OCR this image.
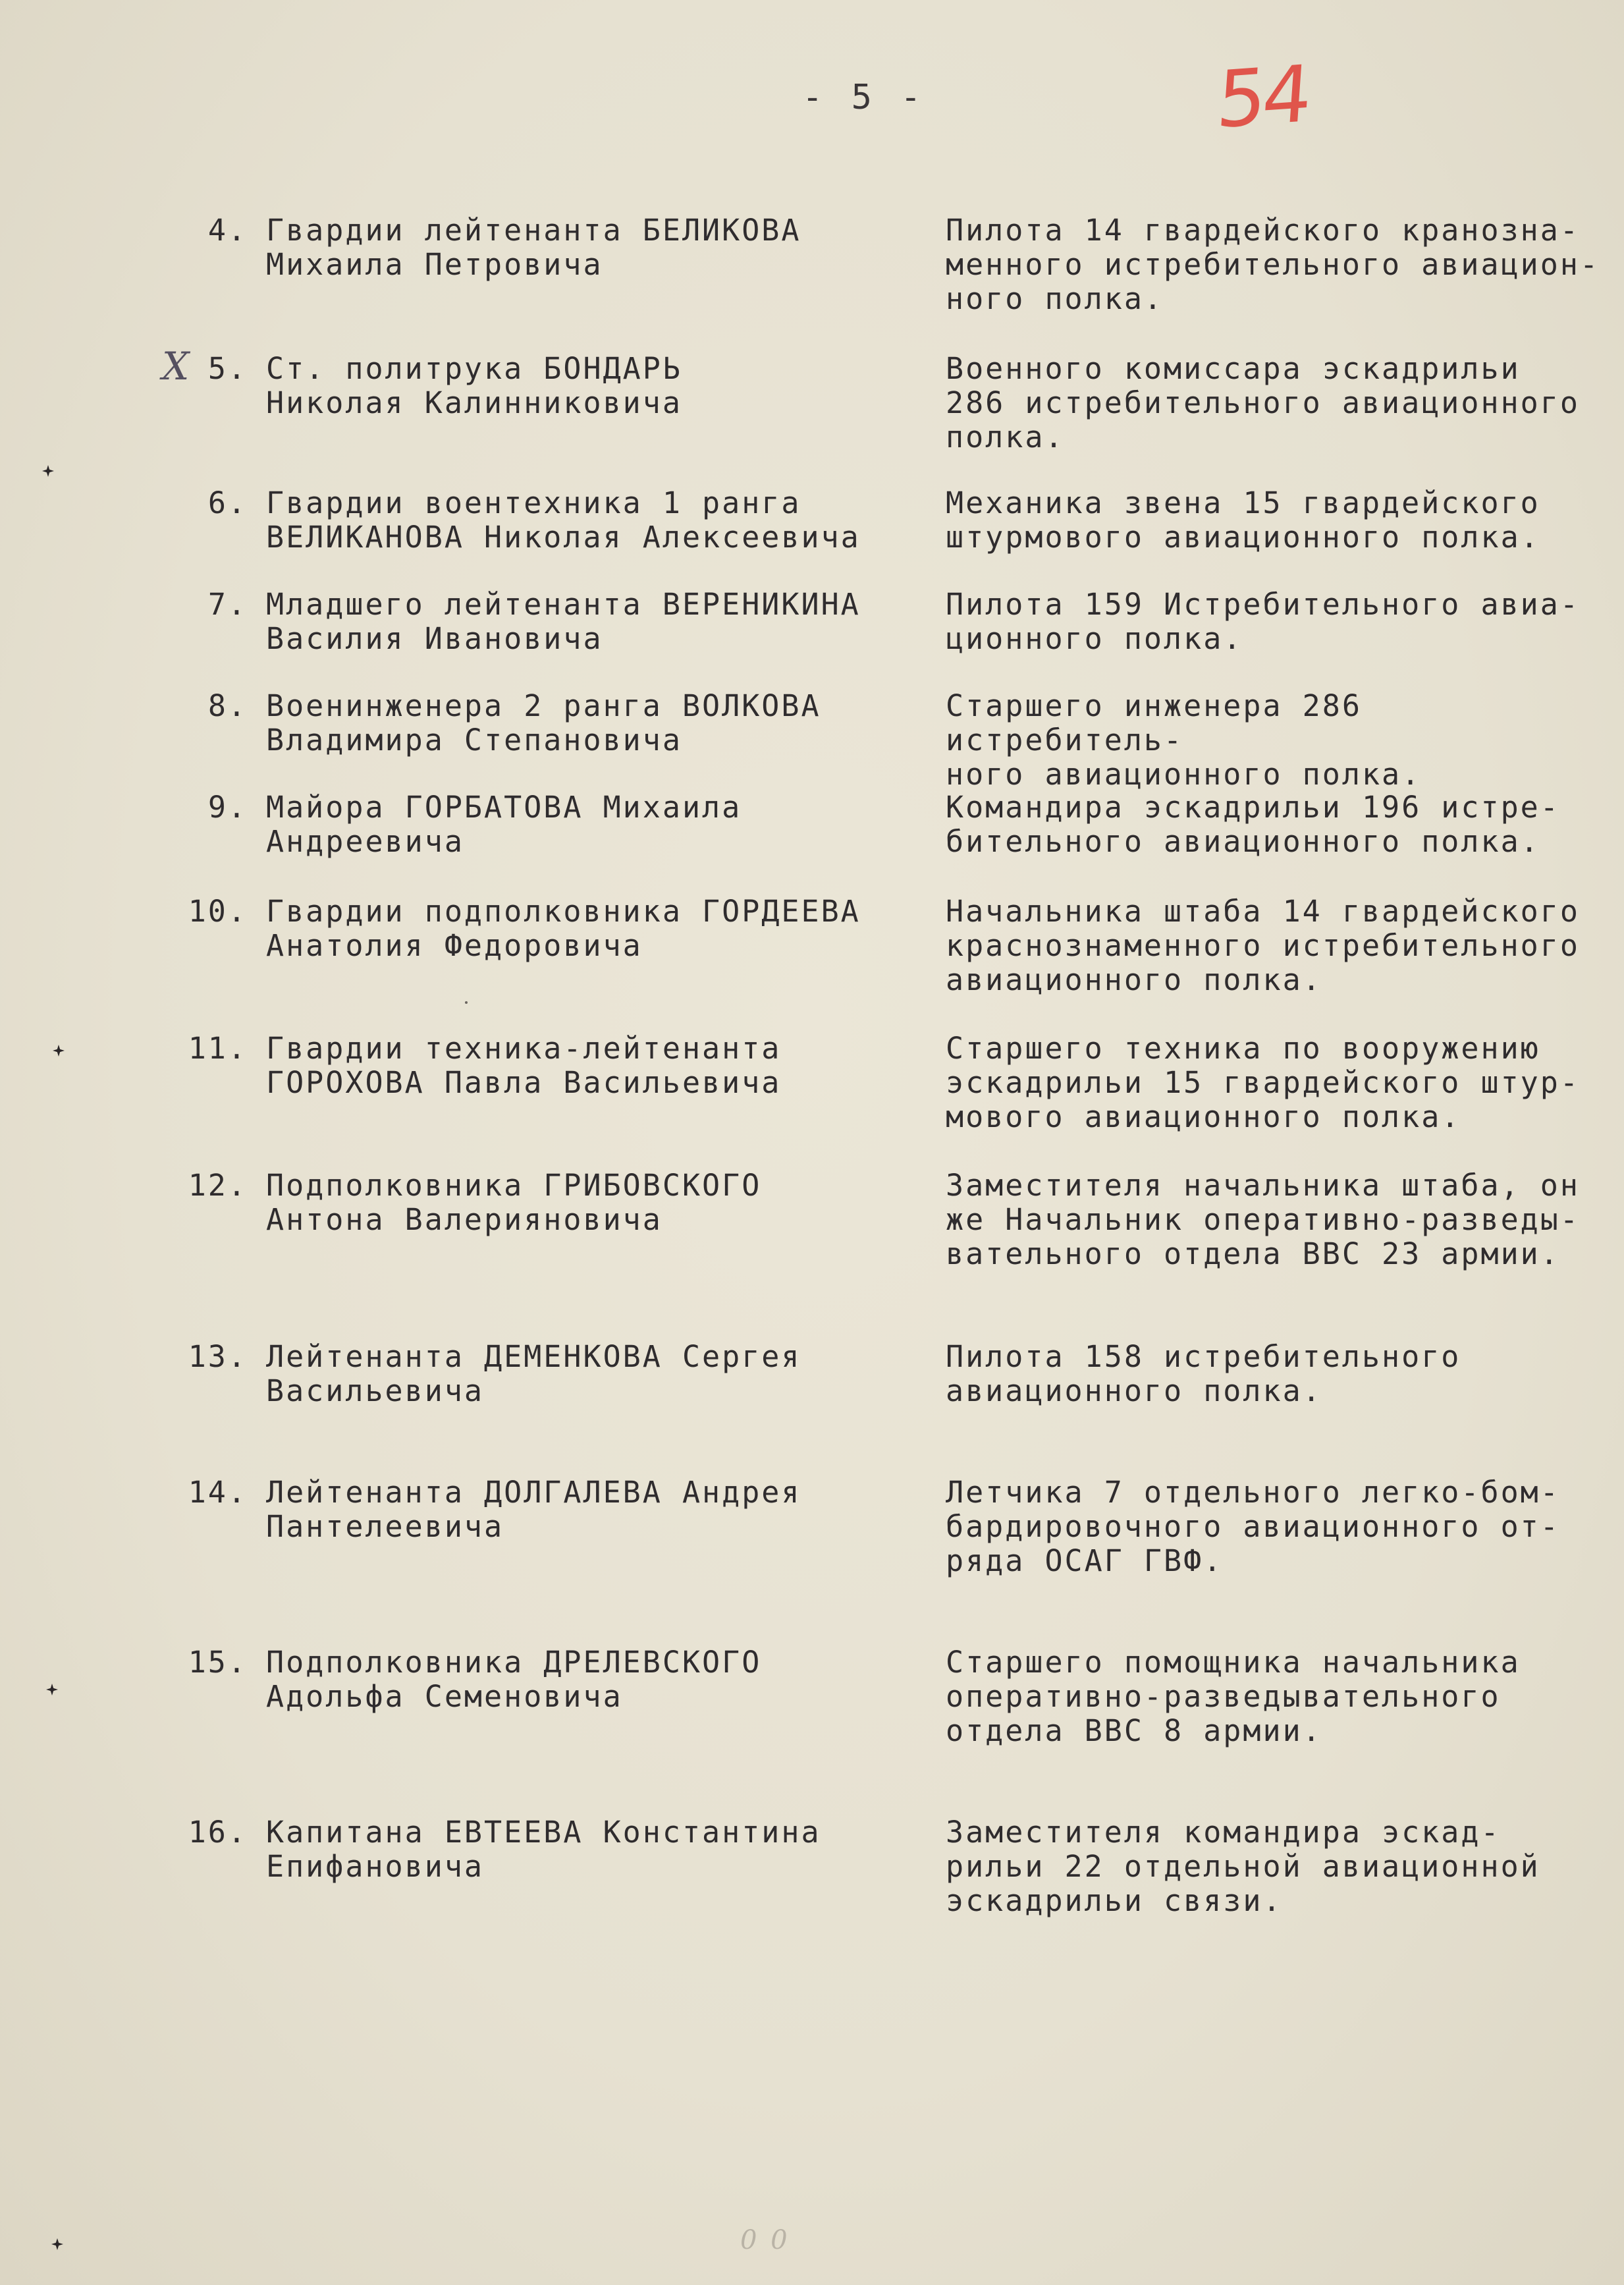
- 5 -	54
4. Гвардии лейтенанта БЕЛИКОВА
Михаила Петровича
Пилота 14 гвардейского кранозна-
менного истребительного авиацион-
ного полка.
Х 5. Ст. политрука БОНДАРЬ
Николая Калинниковича
Военного комиссара эскадрильи
286 истребительного авиационного
полка.
6. Гвардии воентехника 1 ранга
ВЕЛИКАНОВА Николая Алексеевича
Механика звена 15 гвардейского
штурмового авиационного полка.
7. Младшего лейтенанта ВЕРЕНИКИНА
Василия Ивановича
Пилота 159 Истребительного авиа-
ционного полка.
8. Военинженера 2 ранга ВОЛКОВА
Владимира Степановича
Старшего инженера 286 истребитель-
ного авиационного полка.
9. Майора ГОРБАТОВА Михаила
Андреевича
Командира эскадрильи 196 истре-
бительного авиационного полка.
10. Гвардии подполковника ГОРДЕЕВА
Анатолия Федоровича
Начальника штаба 14 гвардейского
краснознаменного истребительного
авиационного полка.
11. Гвардии техника-лейтенанта
ГОРОХОВА Павла Васильевича
Старшего техника по вооружению
эскадрильи 15 гвардейского штур-
мового авиационного полка.
12. Подполковника ГРИБОВСКОГО
Антона Валерияновича
Заместителя начальника штаба, он
же Начальник оперативно-разведы-
вательного отдела ВВС 23 армии.
13. Лейтенанта ДЕМЕНКОВА Сергея
Васильевича
Пилота 158 истребительного
авиационного полка.
14. Лейтенанта ДОЛГАЛЕВА Андрея
Пантелеевича
Летчика 7 отдельного легко-бом-
бардировочного авиационного от-
ряда ОСАГ ГВФ.
15. Подполковника ДРЕЛЕВСКОГО
Адольфа Семеновича
Старшего помощника начальника
оперативно-разведывательного
отдела ВВС 8 армии.
16. Капитана ЕВТЕЕВА Константина
Епифановича
Заместителя командира эскад-
рильи 22 отдельной авиационной
эскадрильи связи.
0 0
